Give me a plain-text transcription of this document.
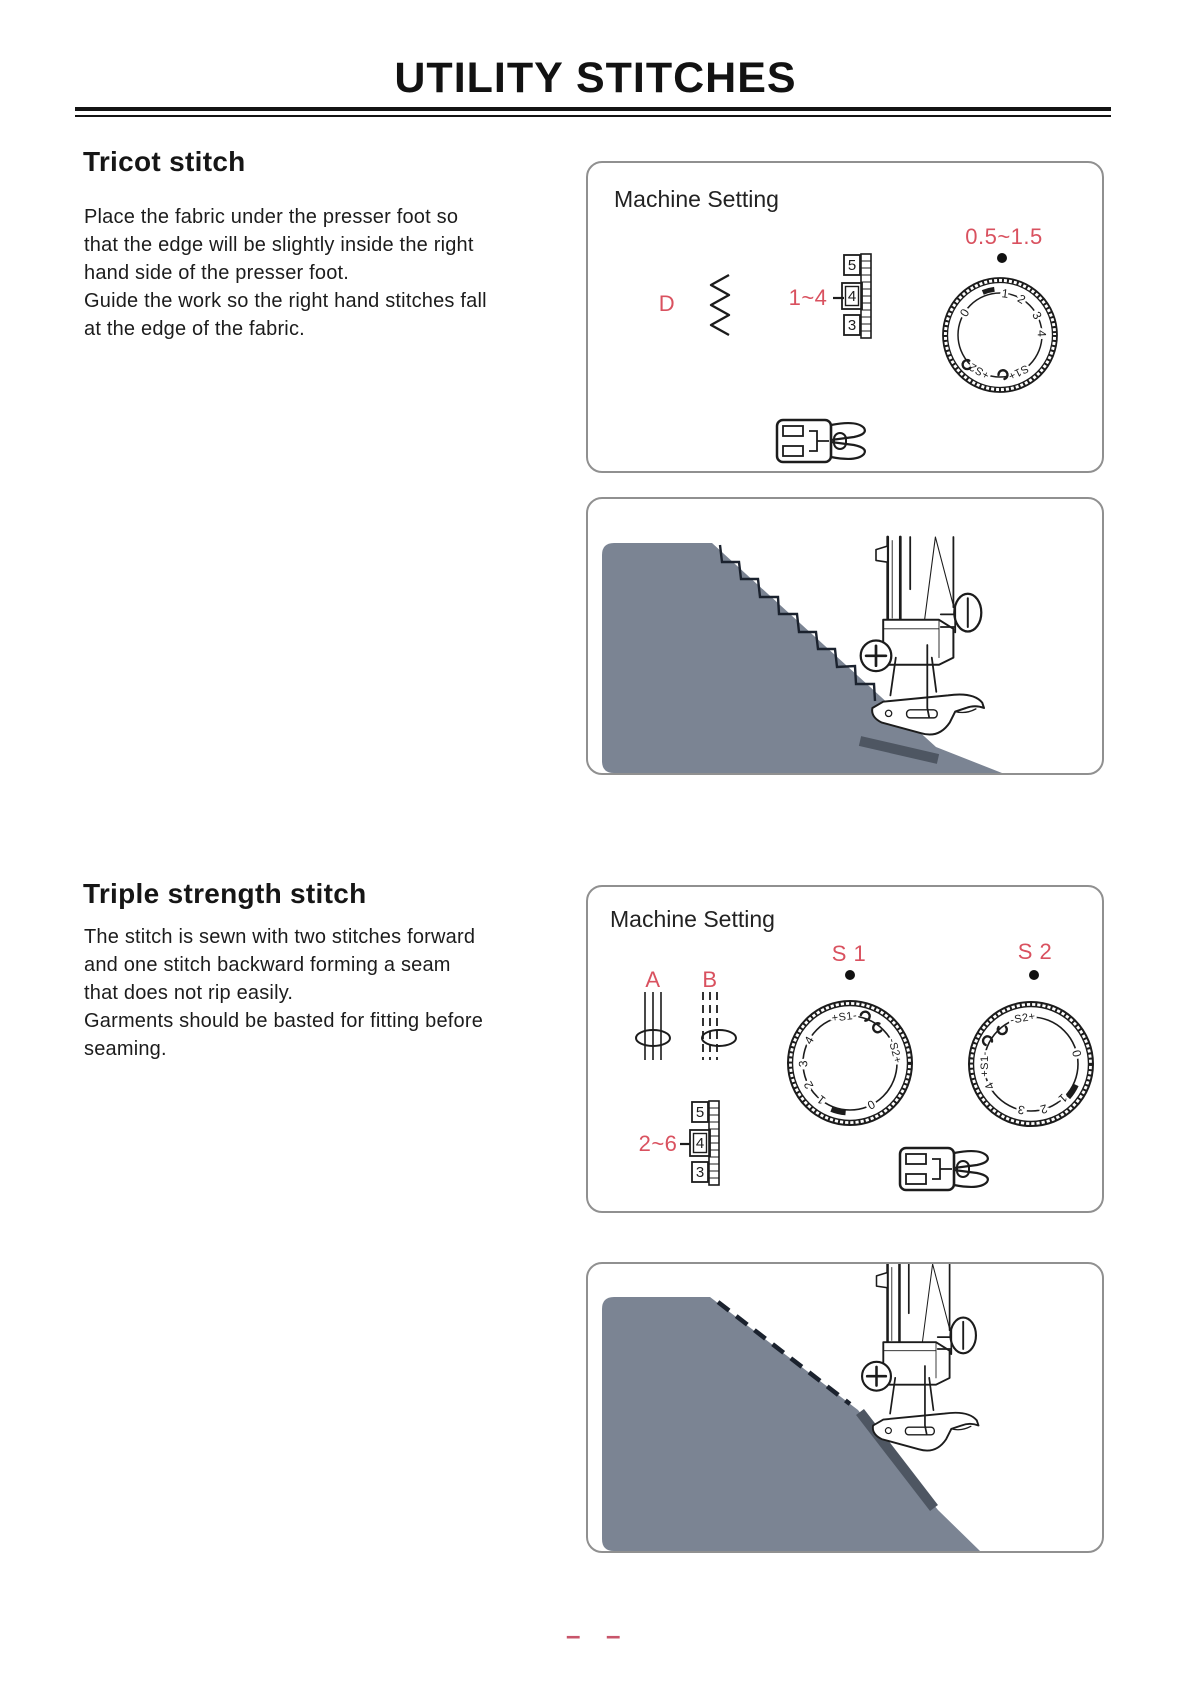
UTILITY STITCHES
Tricot stitch
Place the fabric under the presser foot so
that the edge will be slightly inside the right
hand side of the presser foot.
Guide the work so the right hand stitches fall
at the edge of the fabric.
Machine Setting
D	1~4
5
4
3
0.5~1.5
0
1 2
3
4
+S2 S1+
Triple strength stitch
The stitch is sewn with two stitches forward
and one stitch backward forming a seam
that does not rip easily.
Garments should be basted for fitting before
seaming.
Machine Setting
A B
S 1	S 2
+S1-
-S2+
4
3
2
1	0
-S2+
+S1-	0
1
2
3
4
2~6
5
4
3
– –
